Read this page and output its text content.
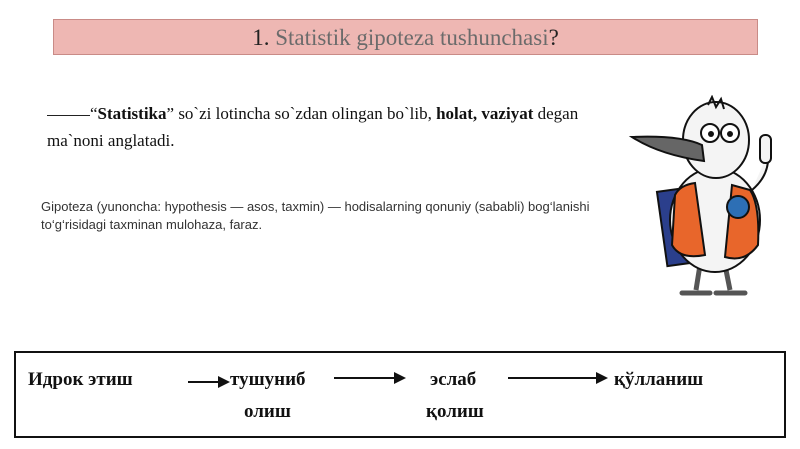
1. Statistik gipoteza tushunchasi?
“Statistika” so`zi lotincha so`zdan olingan bo`lib, holat, vaziyat degan ma`noni anglatadi.
Gipoteza (yunoncha: hypothesis — asos, taxmin) — hodisalarning qonuniy (sababli) bog‘lanishi to‘g‘risidagi taxminan mulohaza, faraz.
Идрок этиш	тушуниб
олиш
эслаб
қолиш
қўлланиш
